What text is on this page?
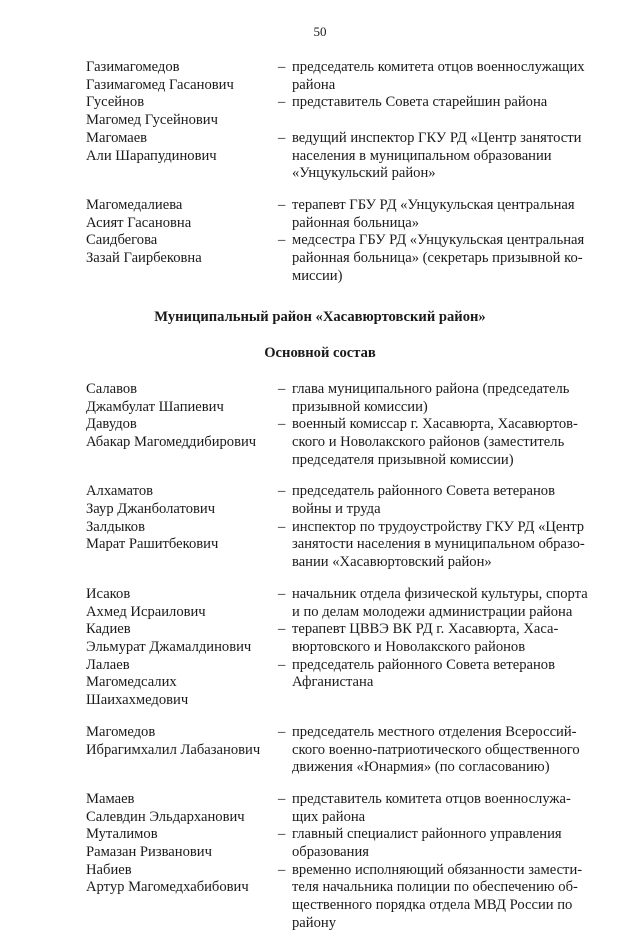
50
Газимагомедов
Газимагомед Гасанович
– председатель комитета отцов военнослужащих
района
Гусейнов
Магомед Гусейнович
– представитель Совета старейшин района
Магомаев
Али Шарапудинович
– ведущий инспектор ГКУ РД «Центр занятости
населения в муниципальном образовании
«Унцукульский район»
Магомедалиева
Асият Гасановна
– терапевт ГБУ РД «Унцукульская центральная
районная больница»
Саидбегова
Зазай Гаирбековна
– медсестра ГБУ РД «Унцукульская центральная
районная больница» (секретарь призывной ко-
миссии)
Муниципальный район «Хасавюртовский район»
Основной состав
Салавов
Джамбулат Шапиевич
– глава муниципального района (председатель
призывной комиссии)
Давудов
Абакар Магомеддибирович
– военный комиссар г. Хасавюрта, Хасавюртов-
ского и Новолакского районов (заместитель
председателя призывной комиссии)
Алхаматов
Заур Джанболатович
– председатель районного Совета ветеранов
войны и труда
Залдыков
Марат Рашитбекович
– инспектор по трудоустройству ГКУ РД «Центр
занятости населения в муниципальном образо-
вании «Хасавюртовский район»
Исаков
Ахмед Исраилович
– начальник отдела физической культуры, спорта
и по делам молодежи администрации района
Кадиев
Эльмурат Джамалдинович
– терапевт ЦВВЭ ВК РД г. Хасавюрта, Хаса-
вюртовского и Новолакского районов
Лалаев
Магомедсалих
Шаихахмедович
– председатель районного Совета ветеранов
Афганистана
Магомедов
Ибрагимхалил Лабазанович
– председатель местного отделения Всероссий-
ского военно-патриотического общественного
движения «Юнармия» (по согласованию)
Мамаев
Салевдин Эльдарханович
– представитель комитета отцов военнослужа-
щих района
Муталимов
Рамазан Ризванович
– главный специалист районного управления
образования
Набиев
Артур Магомедхабибович
– временно исполняющий обязанности замести-
теля начальника полиции по обеспечению об-
щественного порядка отдела МВД России по
району
